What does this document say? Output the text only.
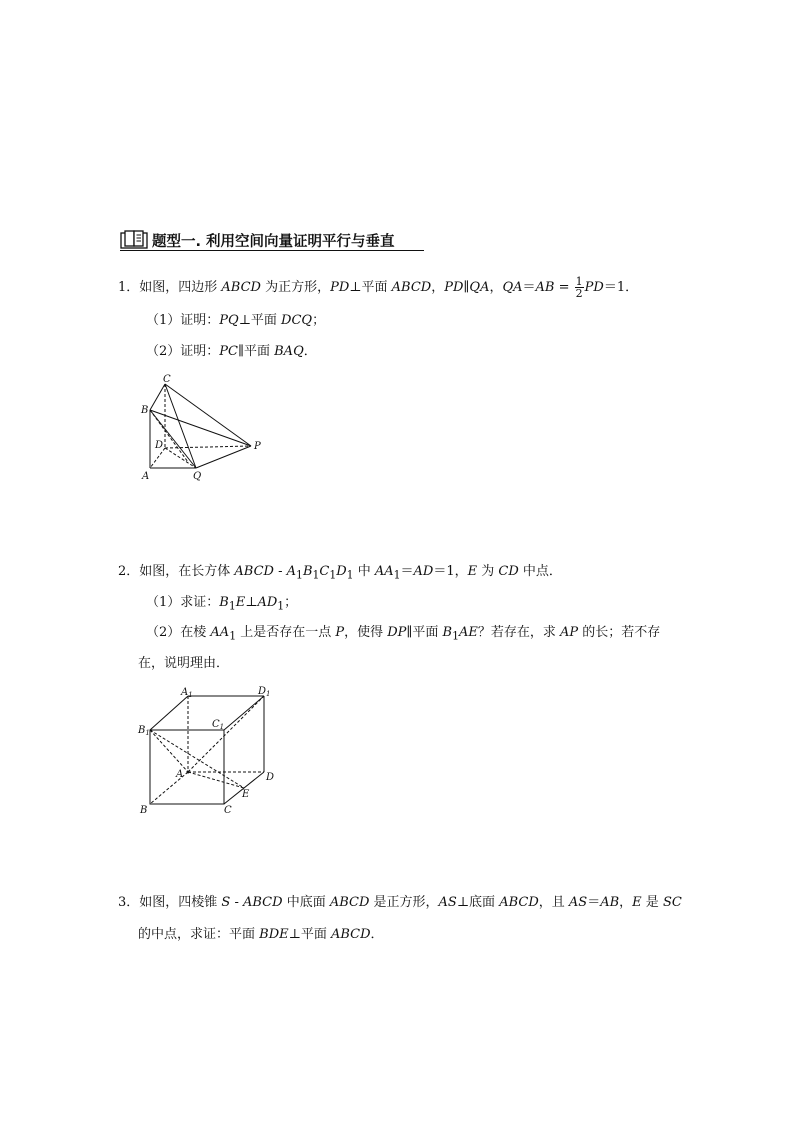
题型一. 利用空间向量证明平行与垂直
1．如图，四边形 ABCD 为正方形，PD⊥平面 ABCD，PD∥QA，$QA=AB = \frac{1}{2} PD=1$．
（1）证明：PQ⊥平面 DCQ；
（2）证明：PC∥平面 BAQ．
C
B
D	P
A	Q
2．如图，在长方体 ABCD - $A_1B_1C_1D_1$ 中 $AA_1=AD=1$，E 为 CD 中点．
（1）求证：$B_1E\perp AD_1$；
（2）在棱 $AA_1$ 上是否存在一点 P，使得 DP∥平面 $B_1AE$？若存在，求 AP 的长；若不存
在，说明理由．
$A_1$	$D_1$
$C_1$
$B_1$
A	D
E
B	C
3．如图，四棱锥 S - ABCD 中底面 ABCD 是正方形，AS⊥底面 ABCD，且 AS＝AB，E 是 SC
的中点，求证：平面 BDE⊥平面 ABCD．
